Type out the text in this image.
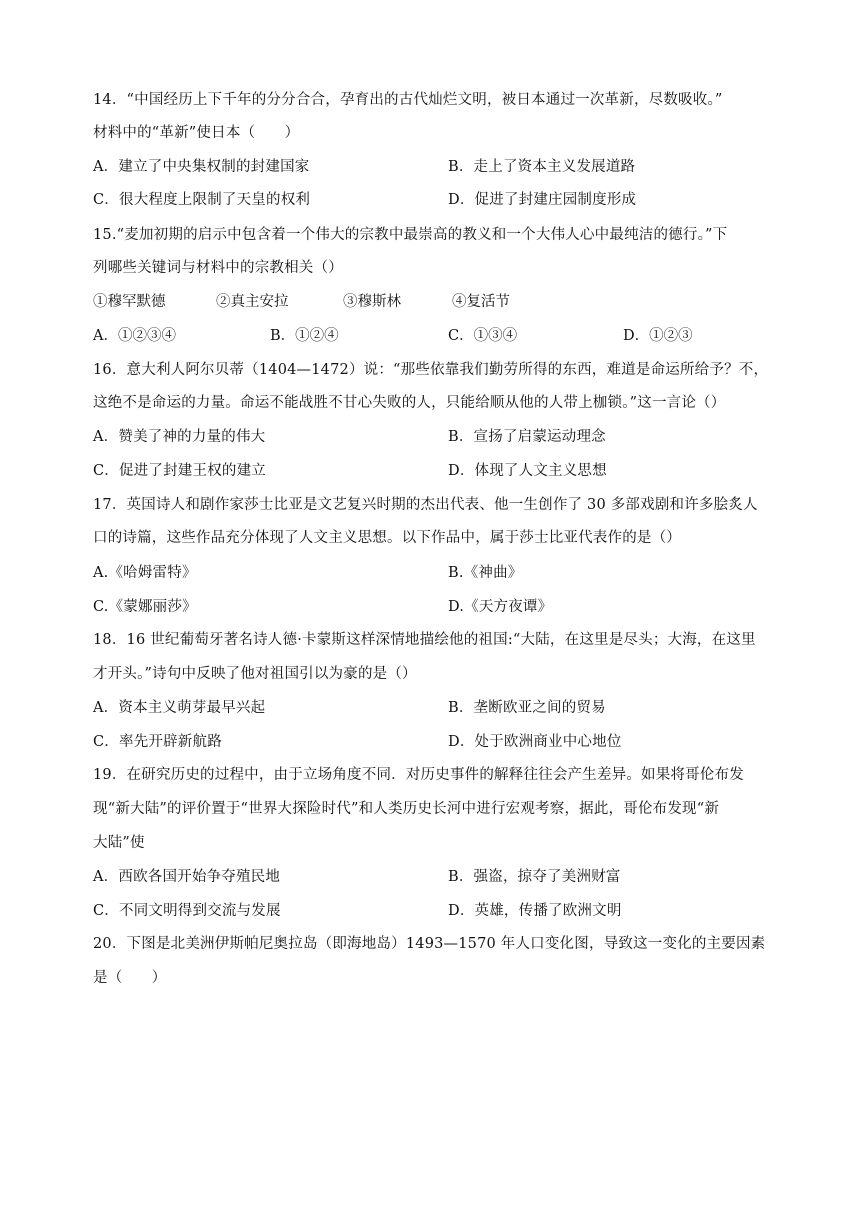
14．“中国经历上下千年的分分合合，孕育出的古代灿烂文明，被日本通过一次革新，尽数吸收。”
材料中的“革新”使日本（　　）
A．建立了中央集权制的封建国家	B．走上了资本主义发展道路
C．很大程度上限制了天皇的权利	D．促进了封建庄园制度形成
15.“麦加初期的启示中包含着一个伟大的宗教中最崇高的教义和一个大伟人心中最纯洁的德行。”下
列哪些关键词与材料中的宗教相关（）
①穆罕默德	②真主安拉	③穆斯林	④复活节
A．①②③④	B．①②④	C．①③④	D．①②③
16．意大利人阿尔贝蒂（1404—1472）说：“那些依靠我们勤劳所得的东西，难道是命运所给予？不，
这绝不是命运的力量。命运不能战胜不甘心失败的人，只能给顺从他的人带上枷锁。”这一言论（）
A．赞美了神的力量的伟大	B．宣扬了启蒙运动理念
C．促进了封建王权的建立	D．体现了人文主义思想
17．英国诗人和剧作家莎士比亚是文艺复兴时期的杰出代表、他一生创作了 30 多部戏剧和许多脍炙人
口的诗篇，这些作品充分体现了人文主义思想。以下作品中，属于莎士比亚代表作的是（）
A.《哈姆雷特》	B.《神曲》
C.《蒙娜丽莎》	D.《天方夜谭》
18．16 世纪葡萄牙著名诗人德·卡蒙斯这样深情地描绘他的祖国:“大陆，在这里是尽头；大海，在这里
才开头。”诗句中反映了他对祖国引以为豪的是（）
A．资本主义萌芽最早兴起	B．垄断欧亚之间的贸易
C．率先开辟新航路	D．处于欧洲商业中心地位
19．在研究历史的过程中，由于立场角度不同．对历史事件的解释往往会产生差异。如果将哥伦布发
现“新大陆”的评价置于“世界大探险时代”和人类历史长河中进行宏观考察，据此，哥伦布发现“新
大陆”使
A．西欧各国开始争夺殖民地	B．强盗，掠夺了美洲财富
C．不同文明得到交流与发展	D．英雄，传播了欧洲文明
20．下图是北美洲伊斯帕尼奥拉岛（即海地岛）1493—1570 年人口变化图，导致这一变化的主要因素
是（　　）
